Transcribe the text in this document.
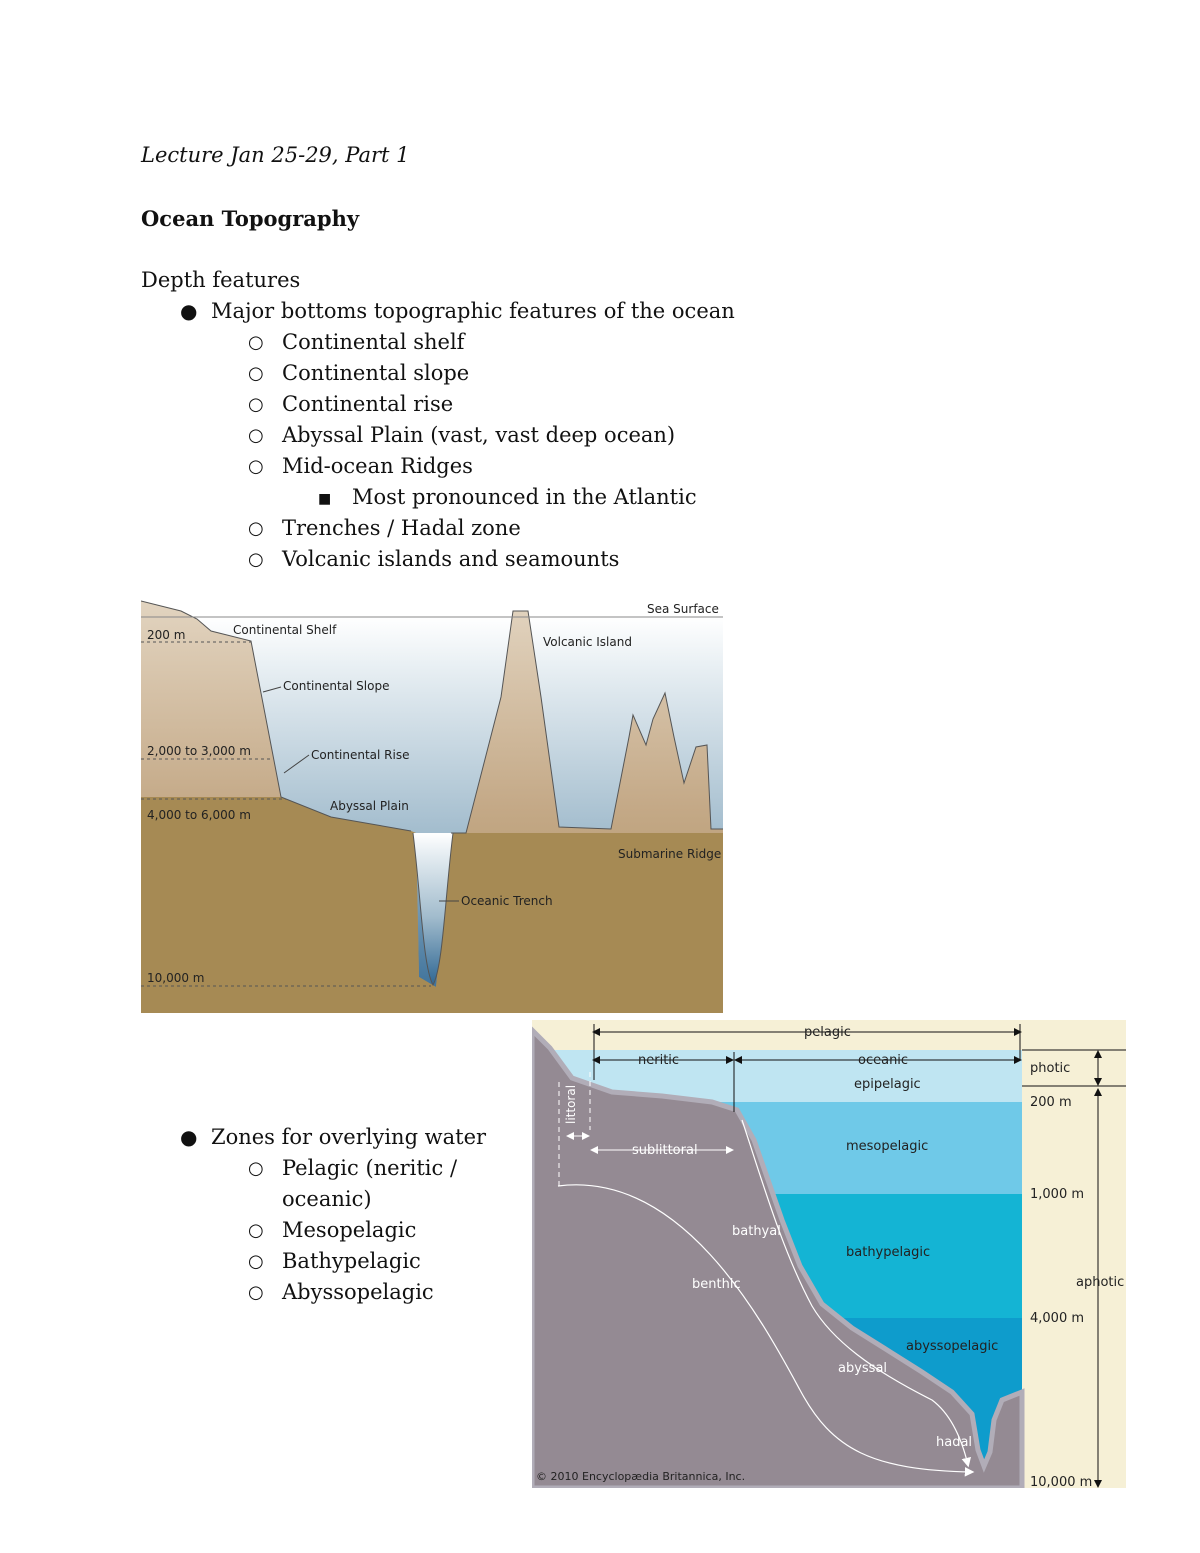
Lecture Jan 25-29, Part 1
Ocean Topography
Depth features
● Major bottoms topographic features of the ocean
○ Continental shelf
○ Continental slope
○ Continental rise
○ Abyssal Plain (vast, vast deep ocean)
○ Mid-ocean Ridges
■ Most pronounced in the Atlantic
○ Trenches / Hadal zone
○ Volcanic islands and seamounts
Sea Surface
200 m	Continental Shelf
Volcanic Island
Continental Slope
2,000 to 3,000 m	Continental Rise
Abyssal Plain
4,000 to 6,000 m
Submarine Ridge
Oceanic Trench
10,000 m
● Zones for overlying water
○ Pelagic (neritic /
oceanic)
○ Mesopelagic
○ Bathypelagic
○ Abyssopelagic
pelagic
neritic	oceanic
epipelagic
littoral
sublittoral	mesopelagic
bathyal
bathypelagic
benthic
abyssopelagic
abyssal
hadal
photic
200 m
1,000 m
aphotic
4,000 m
10,000 m
© 2010 Encyclopædia Britannica, Inc.
